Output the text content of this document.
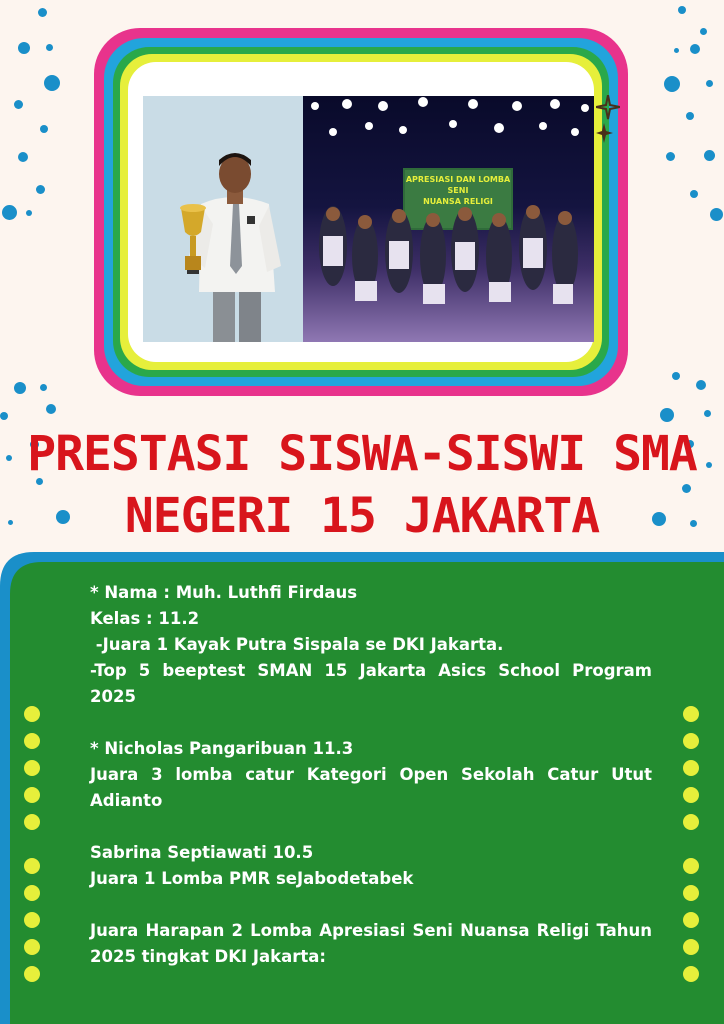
APRESIASI DAN LOMBA SENI
NUANSA RELIGI
PRESTASI SISWA-SISWI SMA
NEGERI 15 JAKARTA

* Nama : Muh. Luthfi Firdaus

Kelas : 11.2

-Juara 1 Kayak Putra Sispala se DKI Jakarta.

-Top 5 beeptest SMAN 15 Jakarta Asics School Program 2025

* Nicholas Pangaribuan 11.3

Juara 3 lomba catur Kategori Open Sekolah Catur Utut Adianto

Sabrina Septiawati 10.5

Juara 1 Lomba PMR seJabodetabek

Juara Harapan 2 Lomba Apresiasi Seni Nuansa Religi Tahun 2025 tingkat DKI Jakarta:
